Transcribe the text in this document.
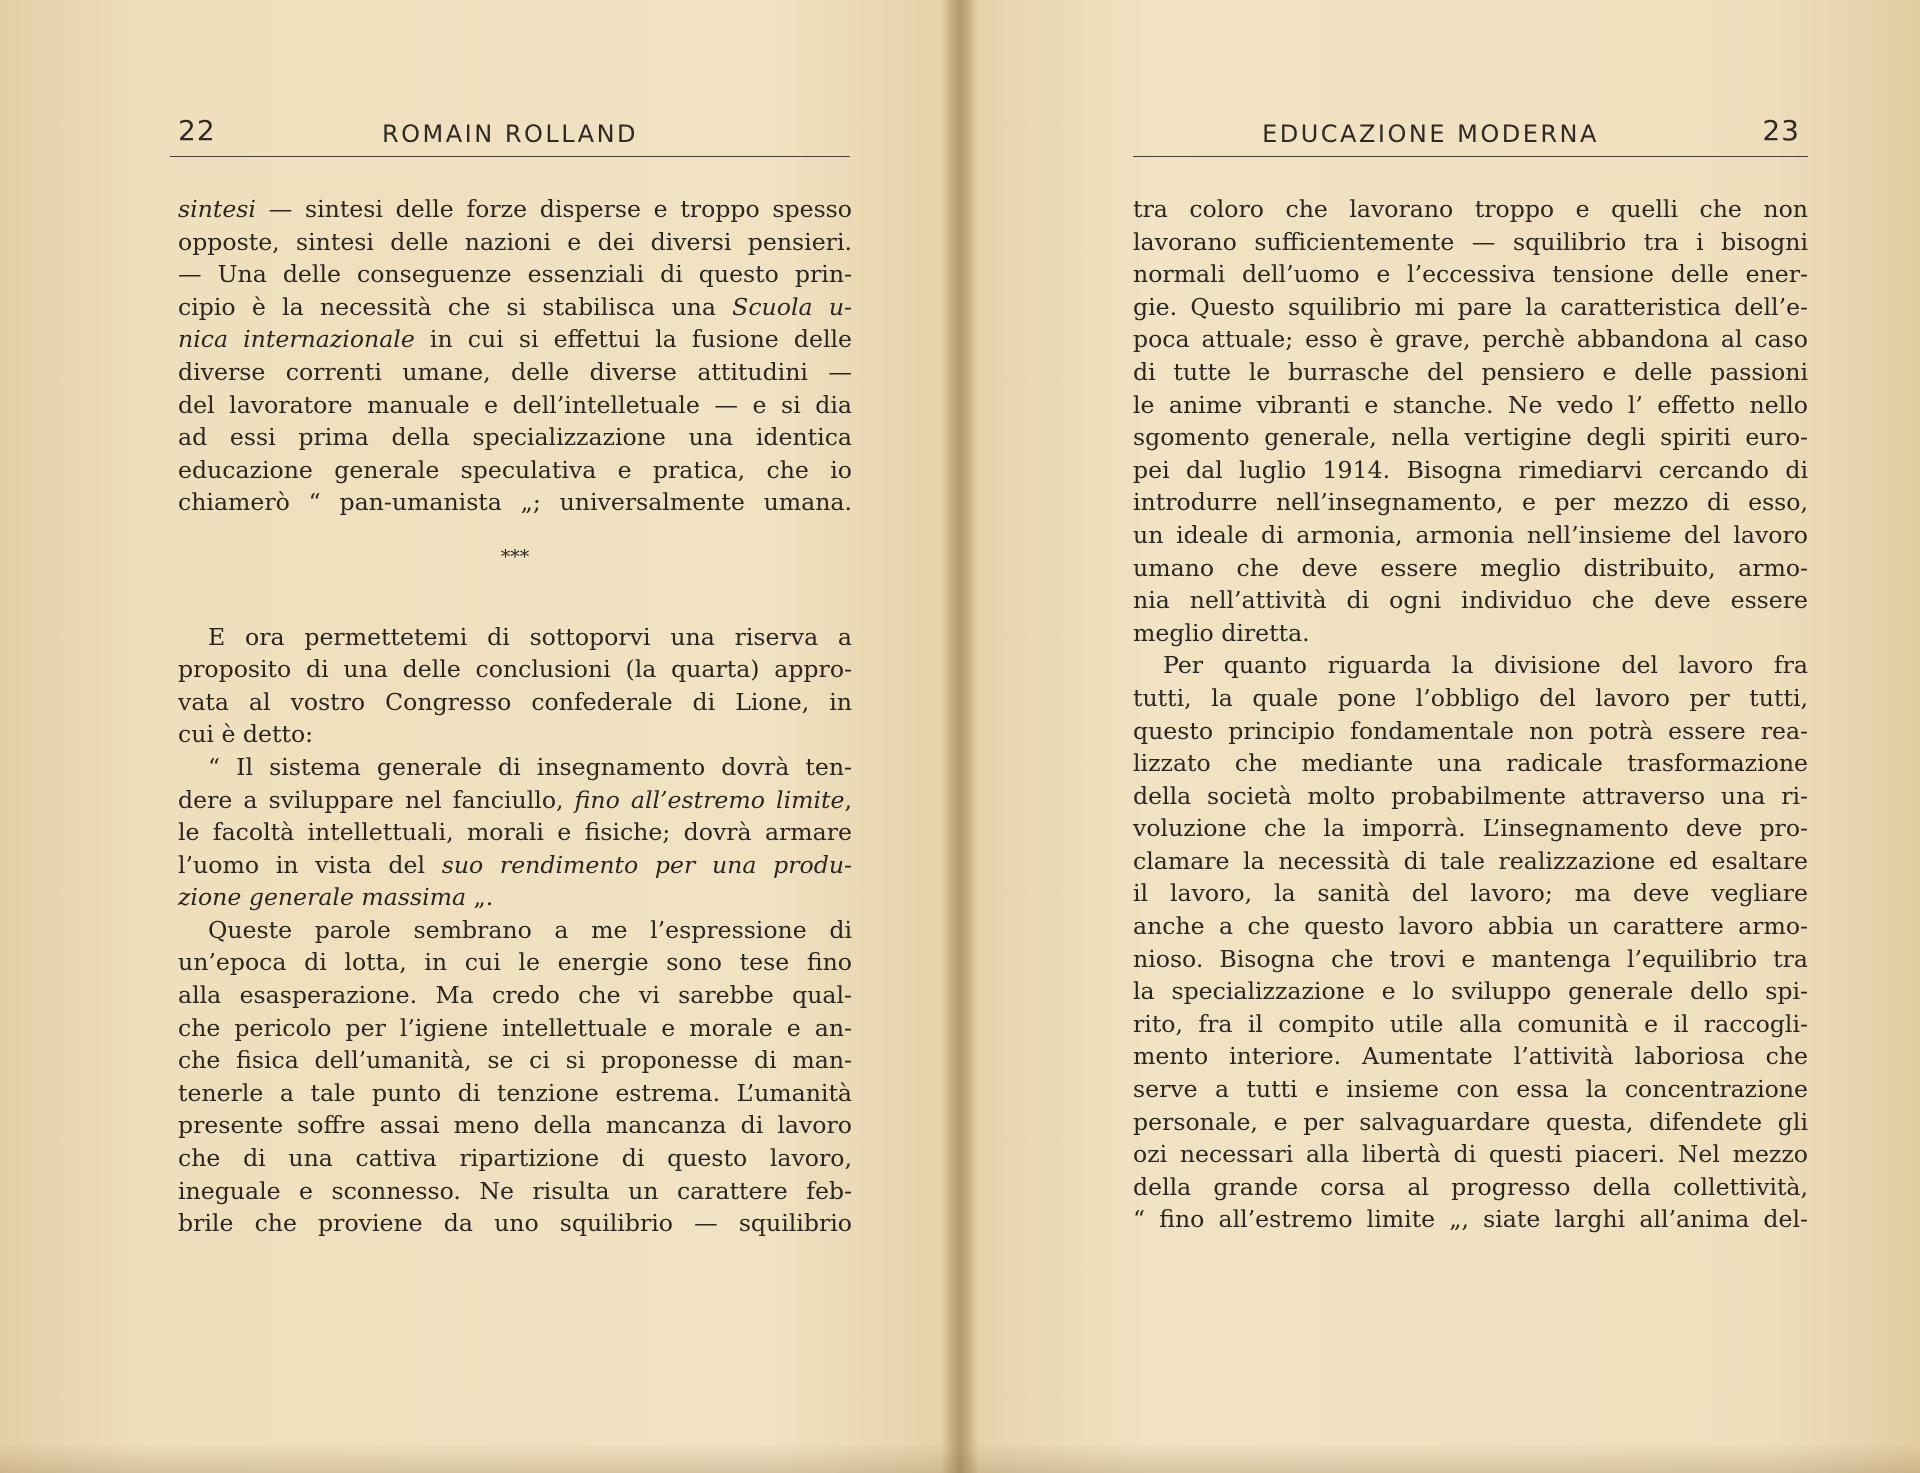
22	ROMAIN ROLLAND
sintesi — sintesi delle forze disperse e troppo spesso
opposte, sintesi delle nazioni e dei diversi pensieri.
— Una delle conseguenze essenziali di questo prin-
cipio è la necessità che si stabilisca una Scuola u-
nica internazionale in cui si effettui la fusione delle
diverse correnti umane, delle diverse attitudini —
del lavoratore manuale e dell’intelletuale — e si dia
ad essi prima della specializzazione una identica
educazione generale speculativa e pratica, che io
chiamerò “ pan-umanista „; universalmente umana.
***
E ora permettetemi di sottoporvi una riserva a
proposito di una delle conclusioni (la quarta) appro-
vata al vostro Congresso confederale di Lione, in
cui è detto:
“ Il sistema generale di insegnamento dovrà ten-
dere a sviluppare nel fanciullo, fino all’estremo limite,
le facoltà intellettuali, morali e fisiche; dovrà armare
l’uomo in vista del suo rendimento per una produ-
zione generale massima „.
Queste parole sembrano a me l’espressione di
un’epoca di lotta, in cui le energie sono tese fino
alla esasperazione. Ma credo che vi sarebbe qual-
che pericolo per l’igiene intellettuale e morale e an-
che fisica dell’umanità, se ci si proponesse di man-
tenerle a tale punto di tenzione estrema. L’umanità
presente soffre assai meno della mancanza di lavoro
che di una cattiva ripartizione di questo lavoro,
ineguale e sconnesso. Ne risulta un carattere feb-
brile che proviene da uno squilibrio — squilibrio
EDUCAZIONE MODERNA	23
tra coloro che lavorano troppo e quelli che non
lavorano sufficientemente — squilibrio tra i bisogni
normali dell’uomo e l’eccessiva tensione delle ener-
gie. Questo squilibrio mi pare la caratteristica dell’e-
poca attuale; esso è grave, perchè abbandona al caso
di tutte le burrasche del pensiero e delle passioni
le anime vibranti e stanche. Ne vedo l’ effetto nello
sgomento generale, nella vertigine degli spiriti euro-
pei dal luglio 1914. Bisogna rimediarvi cercando di
introdurre nell’insegnamento, e per mezzo di esso,
un ideale di armonia, armonia nell’insieme del lavoro
umano che deve essere meglio distribuito, armo-
nia nell’attività di ogni individuo che deve essere
meglio diretta.
Per quanto riguarda la divisione del lavoro fra
tutti, la quale pone l’obbligo del lavoro per tutti,
questo principio fondamentale non potrà essere rea-
lizzato che mediante una radicale trasformazione
della società molto probabilmente attraverso una ri-
voluzione che la imporrà. L’insegnamento deve pro-
clamare la necessità di tale realizzazione ed esaltare
il lavoro, la sanità del lavoro; ma deve vegliare
anche a che questo lavoro abbia un carattere armo-
nioso. Bisogna che trovi e mantenga l’equilibrio tra
la specializzazione e lo sviluppo generale dello spi-
rito, fra il compito utile alla comunità e il raccogli-
mento interiore. Aumentate l’attività laboriosa che
serve a tutti e insieme con essa la concentrazione
personale, e per salvaguardare questa, difendete gli
ozi necessari alla libertà di questi piaceri. Nel mezzo
della grande corsa al progresso della collettività,
“ fino all’estremo limite „, siate larghi all’anima del-
